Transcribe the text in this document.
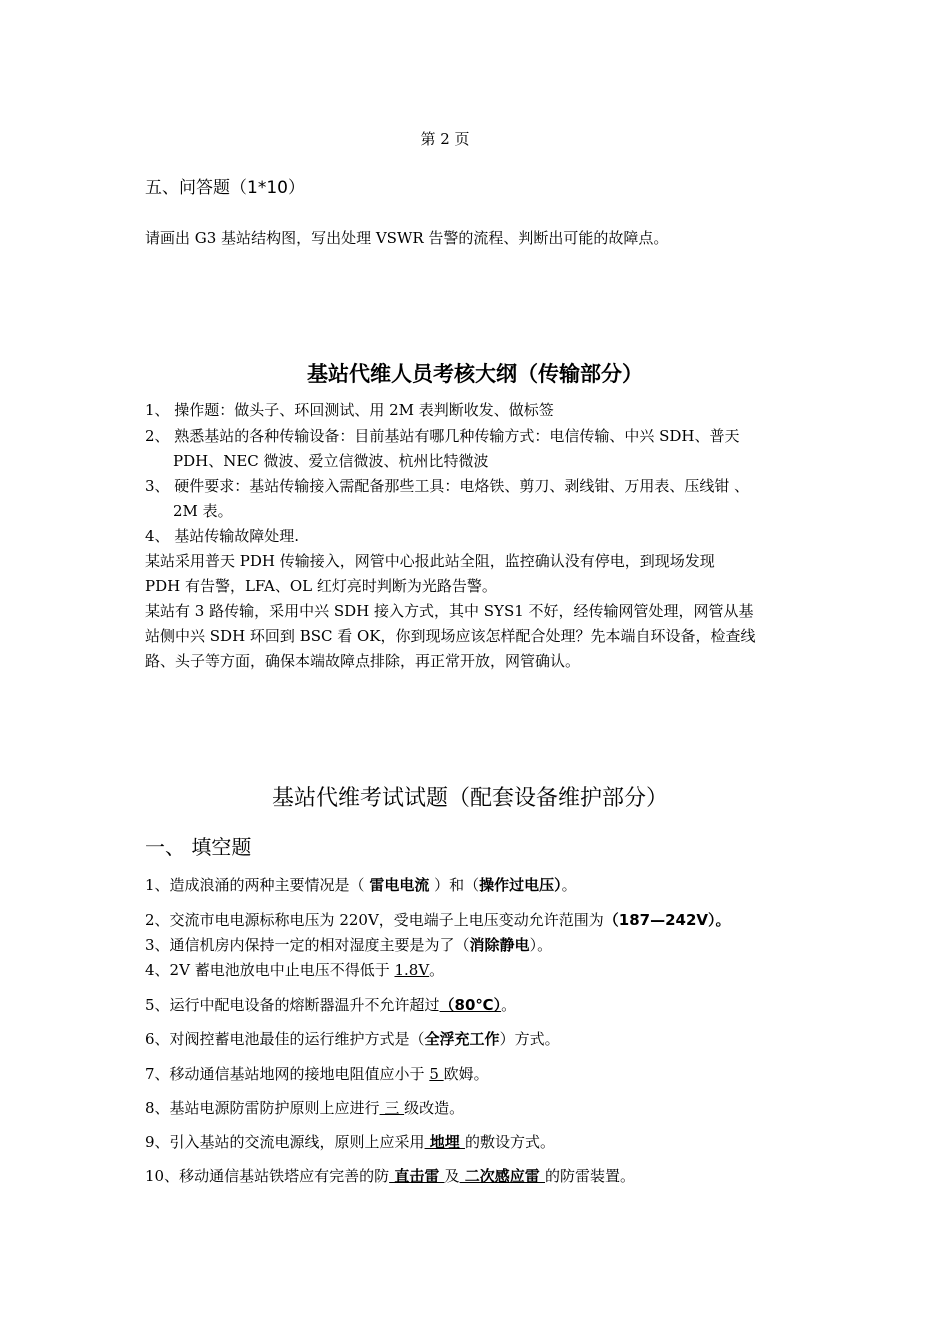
第 2 页
五、问答题（1*10）
请画出 G3 基站结构图，写出处理 VSWR 告警的流程、判断出可能的故障点。
基站代维人员考核大纲（传输部分）
1、 操作题：做头子、环回测试、用 2M 表判断收发、做标签
2、 熟悉基站的各种传输设备：目前基站有哪几种传输方式：电信传输、中兴 SDH、普天
PDH、NEC 微波、爱立信微波、杭州比特微波
3、 硬件要求：基站传输接入需配备那些工具：电烙铁、剪刀、剥线钳、万用表、压线钳 、
2M 表。
4、 基站传输故障处理.
某站采用普天 PDH 传输接入，网管中心报此站全阻，监控确认没有停电，到现场发现
PDH 有告警，LFA、OL 红灯亮时判断为光路告警。
某站有 3 路传输，采用中兴 SDH 接入方式，其中 SYS1 不好，经传输网管处理，网管从基
站侧中兴 SDH 环回到 BSC 看 OK，你到现场应该怎样配合处理？先本端自环设备，检查线
路、头子等方面，确保本端故障点排除，再正常开放，网管确认。
基站代维考试试题（配套设备维护部分）
一、 填空题
1、造成浪涌的两种主要情况是（ 雷电电流 ）和（操作过电压）。
2、交流市电电源标称电压为 220V，受电端子上电压变动允许范围为（187—242V）。
3、通信机房内保持一定的相对湿度主要是为了（消除静电）。
4、2V 蓄电池放电中止电压不得低于 1.8V。
5、运行中配电设备的熔断器温升不允许超过（80℃）。
6、对阀控蓄电池最佳的运行维护方式是（全浮充工作）方式。
7、移动通信基站地网的接地电阻值应小于 5 欧姆。
8、基站电源防雷防护原则上应进行 三 级改造。
9、引入基站的交流电源线，原则上应采用 地埋 的敷设方式。
10、移动通信基站铁塔应有完善的防 直击雷 及 二次感应雷 的防雷装置。
